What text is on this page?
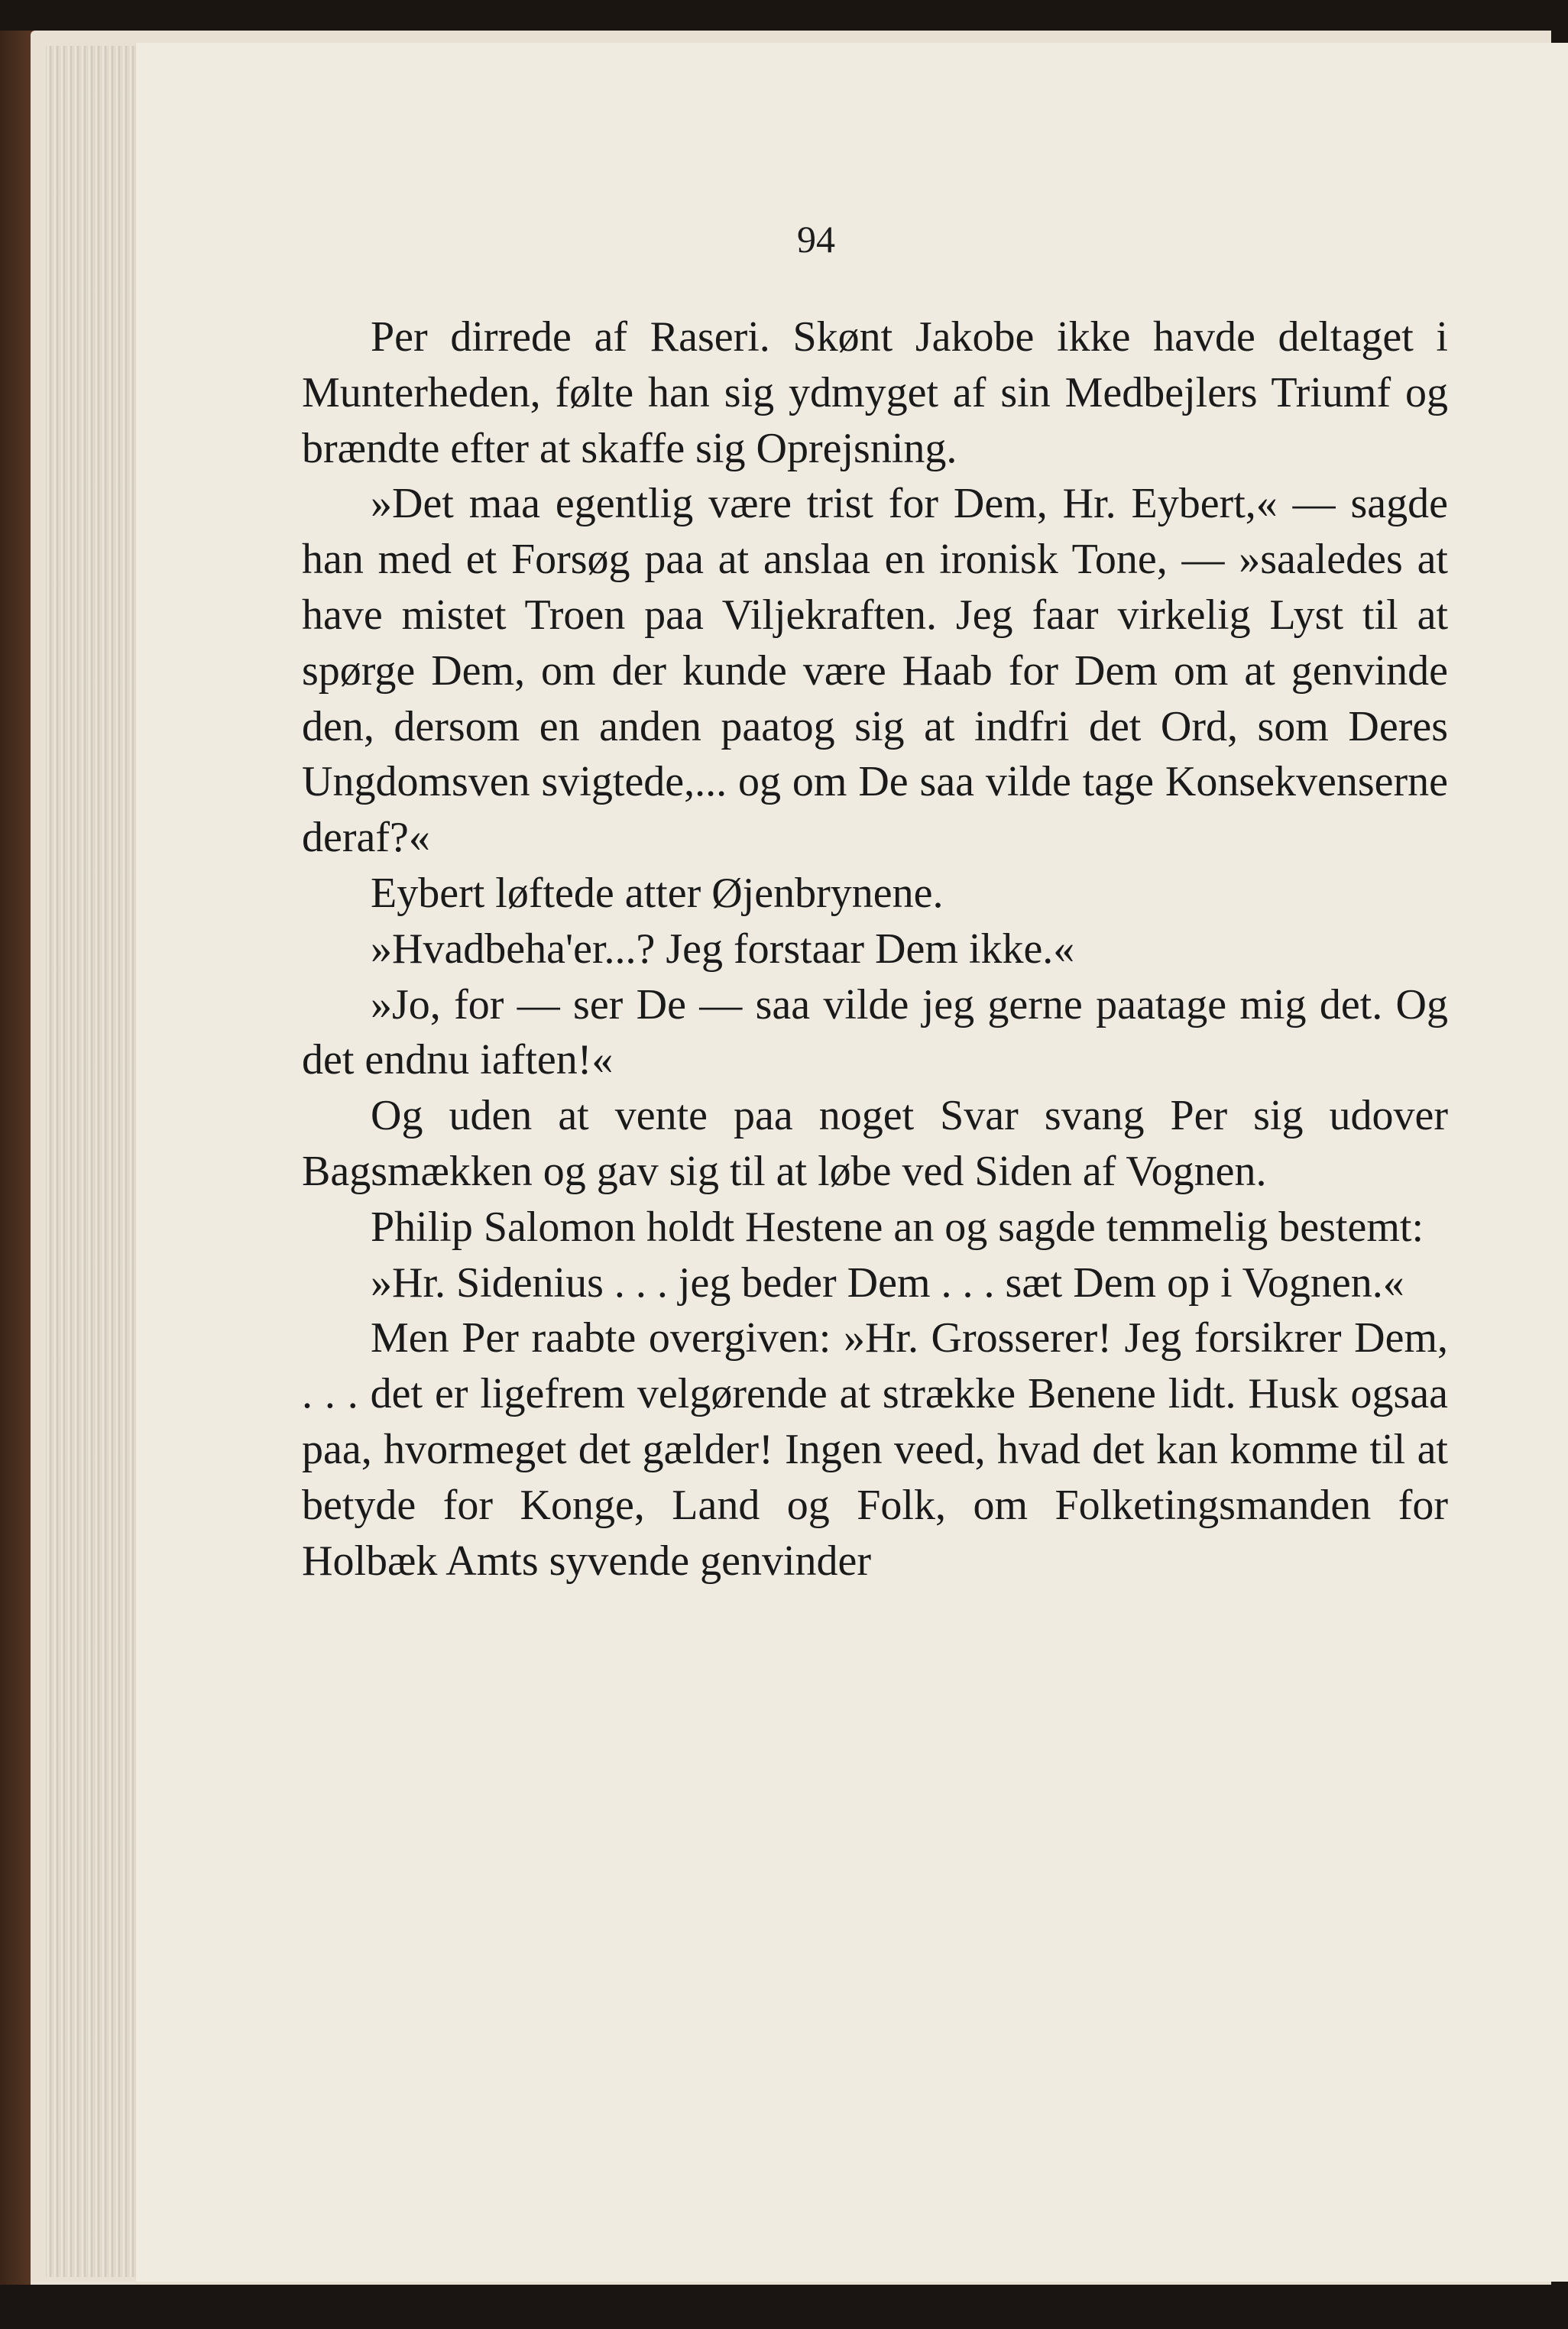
94

Per dirrede af Raseri. Skønt Jakobe ikke havde deltaget i Munterheden, følte han sig ydmyget af sin Medbejlers Triumf og brændte efter at skaffe sig Oprejsning.

»Det maa egentlig være trist for Dem, Hr. Eybert,« — sagde han med et Forsøg paa at anslaa en ironisk Tone, — »saaledes at have mistet Troen paa Viljekraften. Jeg faar virkelig Lyst til at spørge Dem, om der kunde være Haab for Dem om at genvinde den, dersom en anden paatog sig at indfri det Ord, som Deres Ungdomsven svigtede,... og om De saa vilde tage Konsekvenserne deraf?«

Eybert løftede atter Øjenbrynene.

»Hvadbeha'er...? Jeg forstaar Dem ikke.«

»Jo, for — ser De — saa vilde jeg gerne paatage mig det. Og det endnu iaften!«

Og uden at vente paa noget Svar svang Per sig udover Bagsmækken og gav sig til at løbe ved Siden af Vognen.

Philip Salomon holdt Hestene an og sagde temmelig bestemt:

»Hr. Sidenius . . . jeg beder Dem . . . sæt Dem op i Vognen.«

Men Per raabte overgiven: »Hr. Grosserer! Jeg forsikrer Dem, . . . det er ligefrem velgørende at strække Benene lidt. Husk ogsaa paa, hvormeget det gælder! Ingen veed, hvad det kan komme til at betyde for Konge, Land og Folk, om Folketingsmanden for Holbæk Amts syvende genvinder
